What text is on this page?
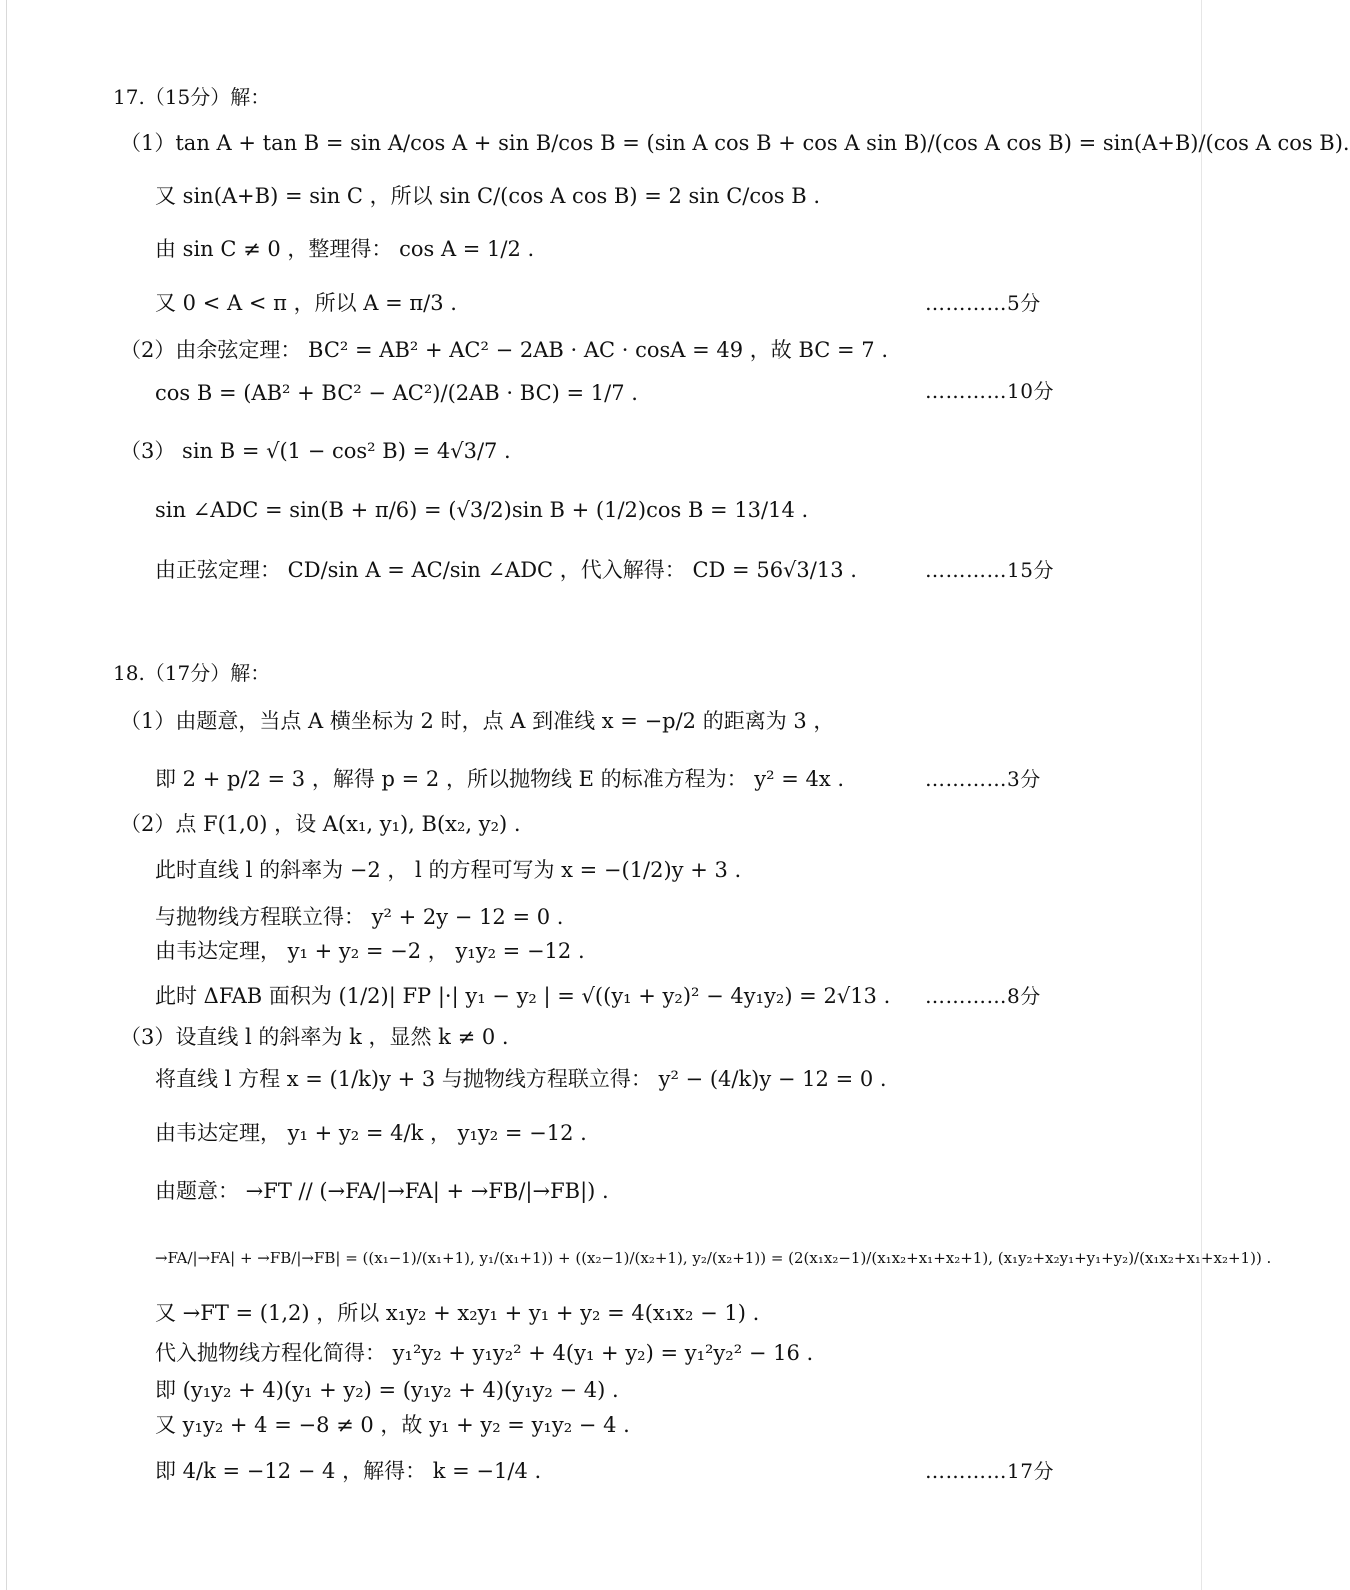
17.（15分）解：
（1）tan A + tan B = sin A/cos A + sin B/cos B = (sin A cos B + cos A sin B)/(cos A cos B) = sin(A+B)/(cos A cos B).
又 sin(A+B) = sin C ，所以 sin C/(cos A cos B) = 2 sin C/cos B .
由 sin C ≠ 0 ，整理得： cos A = 1/2 .
又 0 < A < π ，所以 A = π/3 .	…………5分
（2）由余弦定理： BC² = AB² + AC² − 2AB · AC · cosA = 49 ，故 BC = 7 .
cos B = (AB² + BC² − AC²)/(2AB · BC) = 1/7 .	…………10分
（3） sin B = √(1 − cos² B) = 4√3/7 .
sin ∠ADC = sin(B + π/6) = (√3/2)sin B + (1/2)cos B = 13/14 .
由正弦定理： CD/sin A = AC/sin ∠ADC ，代入解得： CD = 56√3/13 .	…………15分
18.（17分）解：
（1）由题意，当点 A 横坐标为 2 时，点 A 到准线 x = −p/2 的距离为 3 ，
即 2 + p/2 = 3 ，解得 p = 2 ，所以抛物线 E 的标准方程为： y² = 4x .	…………3分
（2）点 F(1,0) ，设 A(x₁, y₁), B(x₂, y₂) .
此时直线 l 的斜率为 −2 ， l 的方程可写为 x = −(1/2)y + 3 .
与抛物线方程联立得： y² + 2y − 12 = 0 .
由韦达定理， y₁ + y₂ = −2 ， y₁y₂ = −12 .
此时 ΔFAB 面积为 (1/2)| FP |·| y₁ − y₂ | = √((y₁ + y₂)² − 4y₁y₂) = 2√13 . …………8分
（3）设直线 l 的斜率为 k ，显然 k ≠ 0 .
将直线 l 方程 x = (1/k)y + 3 与抛物线方程联立得： y² − (4/k)y − 12 = 0 .
由韦达定理， y₁ + y₂ = 4/k ， y₁y₂ = −12 .
由题意： →FT // (→FA/|→FA| + →FB/|→FB|) .
→FA/|→FA| + →FB/|→FB| = ((x₁−1)/(x₁+1), y₁/(x₁+1)) + ((x₂−1)/(x₂+1), y₂/(x₂+1)) = (2(x₁x₂−1)/(x₁x₂+x₁+x₂+1), (x₁y₂+x₂y₁+y₁+y₂)/(x₁x₂+x₁+x₂+1)) .
又 →FT = (1,2) ，所以 x₁y₂ + x₂y₁ + y₁ + y₂ = 4(x₁x₂ − 1) .
代入抛物线方程化简得： y₁²y₂ + y₁y₂² + 4(y₁ + y₂) = y₁²y₂² − 16 .
即 (y₁y₂ + 4)(y₁ + y₂) = (y₁y₂ + 4)(y₁y₂ − 4) .
又 y₁y₂ + 4 = −8 ≠ 0 ，故 y₁ + y₂ = y₁y₂ − 4 .
即 4/k = −12 − 4 ，解得： k = −1/4 .	…………17分
